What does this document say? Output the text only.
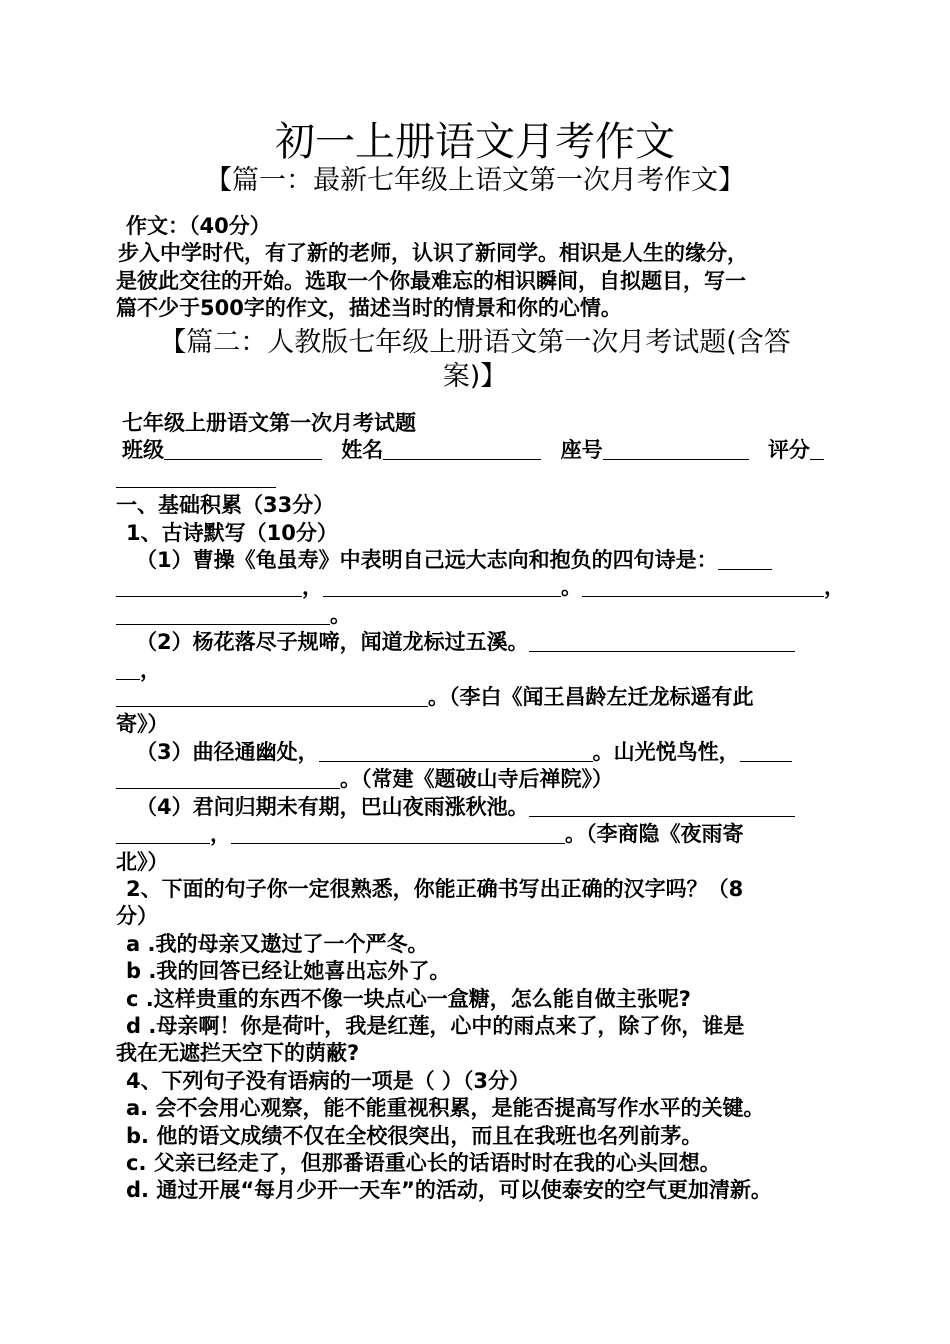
初一上册语文月考作文
【篇一：最新七年级上语文第一次月考作文】
作文：（40分）
步入中学时代，有了新的老师，认识了新同学。相识是人生的缘分，
是彼此交往的开始。选取一个你最难忘的相识瞬间，自拟题目，写一
篇不少于500字的作文，描述当时的情景和你的心情。
【篇二：人教版七年级上册语文第一次月考试题(含答
案)】
七年级上册语文第一次月考试题
班级	姓名	座号	评分
一、基础积累（33分）
1、古诗默写（10分）
（1）曹操《龟虽寿》中表明自己远大志向和抱负的四句诗是：
，	。	，
。
（2）杨花落尽子规啼，闻道龙标过五溪。
，
。（李白《闻王昌龄左迁龙标遥有此
寄》）
（3）曲径通幽处，	。山光悦鸟性，
。（常建《题破山寺后禅院》）
（4）君问归期未有期，巴山夜雨涨秋池。
，	。（李商隐《夜雨寄
北》）
2、下面的句子你一定很熟悉，你能正确书写出正确的汉字吗？（8
分）
a .我的母亲又遨过了一个严冬。
b .我的回答已经让她喜出忘外了。
c .这样贵重的东西不像一块点心一盒糖，怎么能自做主张呢?
d .母亲啊！你是荷叶，我是红莲，心中的雨点来了，除了你，谁是
我在无遮拦天空下的荫蔽?
4、下列句子没有语病的一项是（ ）（3分）
a. 会不会用心观察，能不能重视积累，是能否提高写作水平的关键。
b. 他的语文成绩不仅在全校很突出，而且在我班也名列前茅。
c. 父亲已经走了，但那番语重心长的话语时时在我的心头回想。
d. 通过开展“每月少开一天车”的活动，可以使泰安的空气更加清新。
